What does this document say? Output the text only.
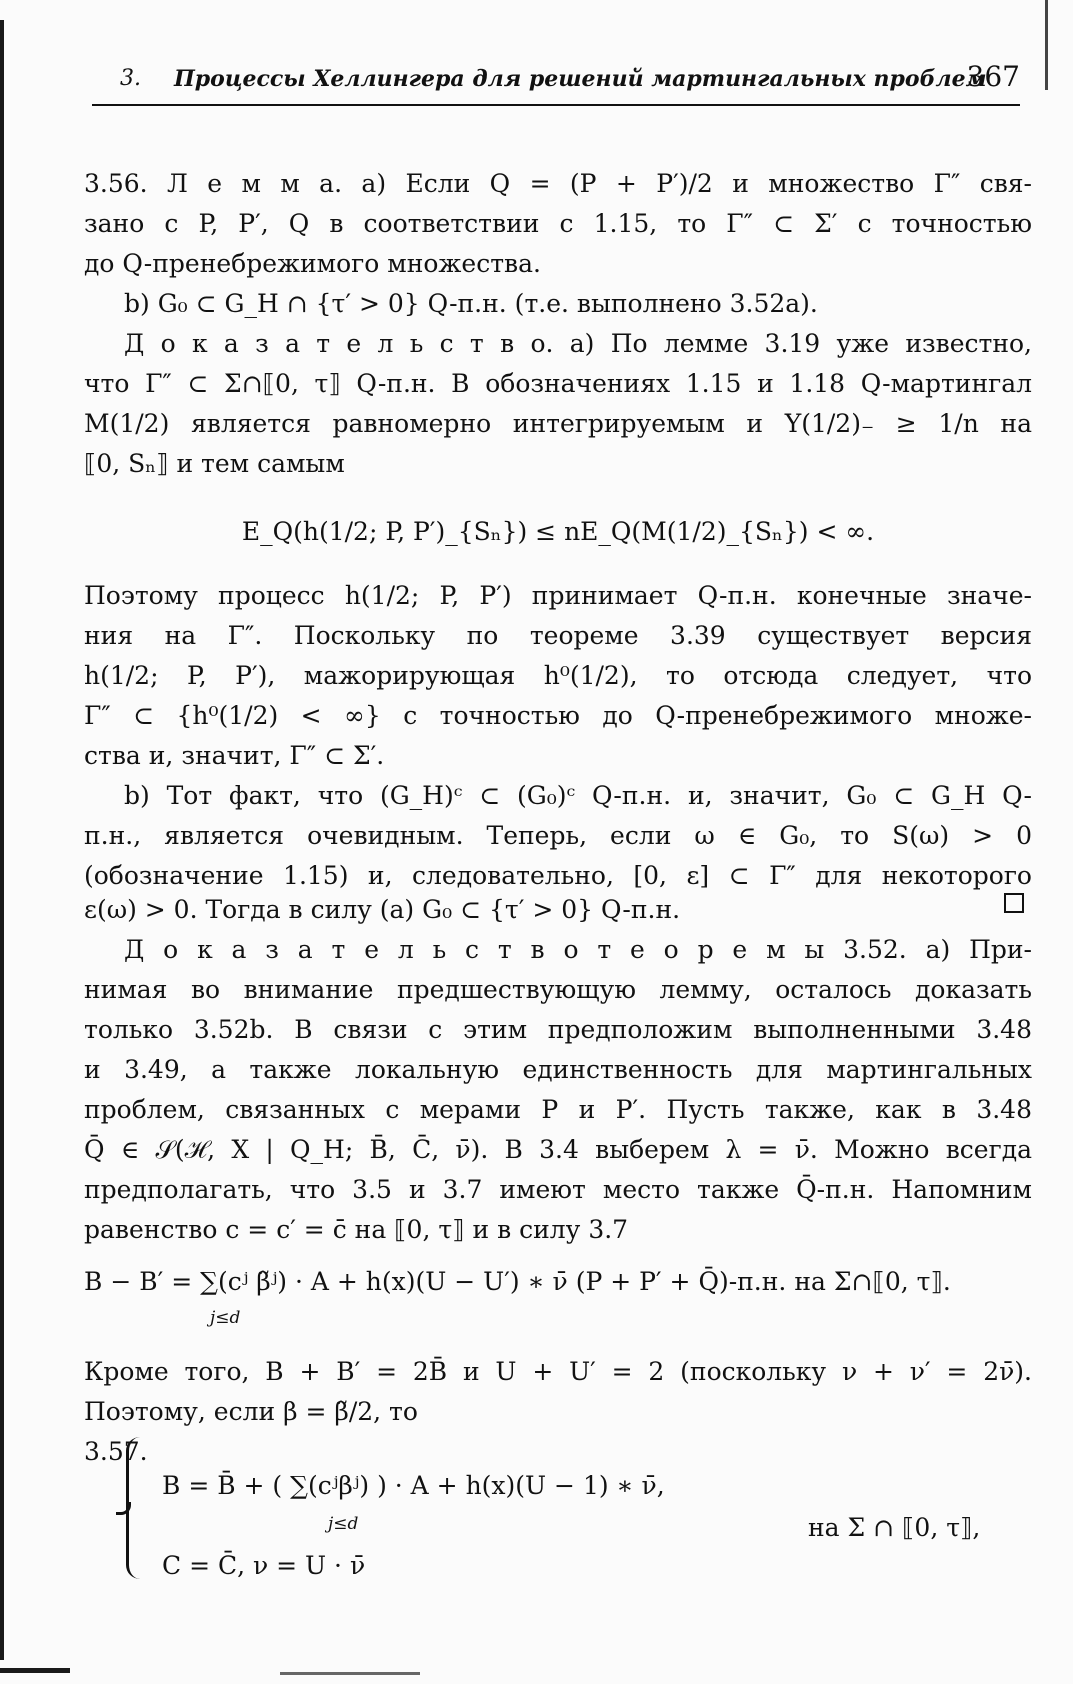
3. Процессы Хеллингера для решений мартингальных проблем
367
3.56. Л е м м а. a) Если Q = (P + P′)/2 и множество Γ″ свя-
зано с P, P′, Q в соответствии с 1.15, то Γ″ ⊂ Σ′ с точностью
до Q-пренебрежимого множества.
b) G₀ ⊂ G_H ∩ {τ′ > 0} Q-п.н. (т.е. выполнено 3.52a).
Д о к а з а т е л ь с т в о. a) По лемме 3.19 уже известно,
что Γ″ ⊂ Σ∩⟦0, τ⟧ Q-п.н. В обозначениях 1.15 и 1.18 Q-мартингал
M(1/2) является равномерно интегрируемым и Y(1/2)₋ ≥ 1/n на
⟦0, Sₙ⟧ и тем самым
E_Q(h(1/2; P, P′)_{Sₙ}) ≤ nE_Q(M(1/2)_{Sₙ}) < ∞.
Поэтому процесс h(1/2; P, P′) принимает Q-п.н. конечные значе-
ния на Γ″. Поскольку по теореме 3.39 существует версия
h(1/2; P, P′), мажорирующая h⁰(1/2), то отсюда следует, что
Γ″ ⊂ {h⁰(1/2) < ∞} с точностью до Q-пренебрежимого множе-
ства и, значит, Γ″ ⊂ Σ′.
b) Тот факт, что (G_H)ᶜ ⊂ (G₀)ᶜ Q-п.н. и, значит, G₀ ⊂ G_H Q-
п.н., является очевидным. Теперь, если ω ∈ G₀, то S(ω) > 0
(обозначение 1.15) и, следовательно, [0, ε] ⊂ Γ″ для некоторого
ε(ω) > 0. Тогда в силу (a) G₀ ⊂ {τ′ > 0} Q-п.н.
Д о к а з а т е л ь с т в о т е о р е м ы 3.52. a) При-
нимая во внимание предшествующую лемму, осталось доказать
только 3.52b. В связи с этим предположим выполненными 3.48
и 3.49, а также локальную единственность для мартингальных
проблем, связанных с мерами P и P′. Пусть также, как в 3.48
Q̄ ∈ 𝒮(ℋ, X | Q_H; B̄, C̄, ν̄). В 3.4 выберем λ = ν̄. Можно всегда
предполагать, что 3.5 и 3.7 имеют место также Q̄-п.н. Напомним
равенство c = c′ = c̄ на ⟦0, τ⟧ и в силу 3.7
B − B′ = ∑(cʲ β̃ʲ) · A + h(x)(U − U′) ∗ ν̄ (P + P′ + Q̄)-п.н. на Σ∩⟦0, τ⟧.
j≤d
Кроме того, B + B′ = 2B̄ и U + U′ = 2 (поскольку ν + ν′ = 2ν̄).
Поэтому, если β = β̃/2, то
3.57.
B = B̄ + ( ∑(cʲβʲ) ) · A + h(x)(U − 1) ∗ ν̄,
j≤d
C = C̄, ν = U · ν̄
на Σ ∩ ⟦0, τ⟧,
